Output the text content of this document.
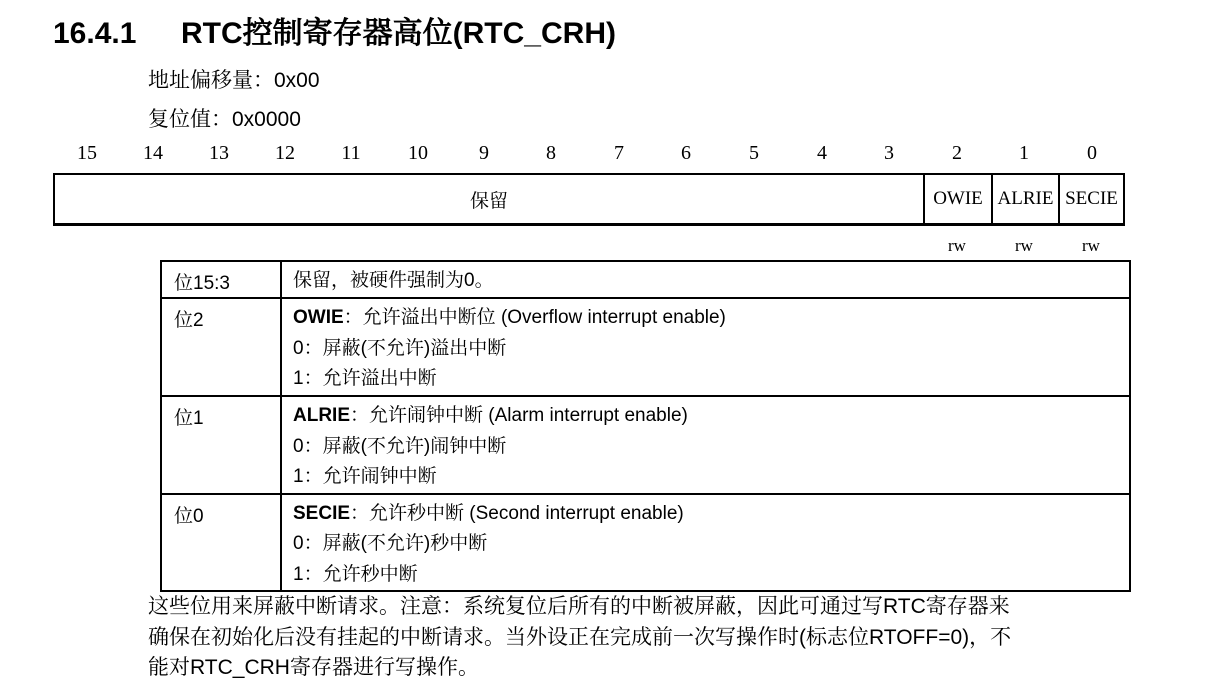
16.4.1 RTC控制寄存器高位(RTC_CRH)
地址偏移量：0x00
复位值：0x0000
15	14	13	12	11	10	9	8	7	6	5	4	3	2	1	0
保留	OWIE ALRIE SECIE
rw	rw	rw
位15:3	保留，被硬件强制为0。

位2	OWIE：允许溢出中断位 (Overflow interrupt enable)
0：屏蔽(不允许)溢出中断
1：允许溢出中断

位1	ALRIE：允许闹钟中断 (Alarm interrupt enable)
0：屏蔽(不允许)闹钟中断
1：允许闹钟中断

位0	SECIE：允许秒中断 (Second interrupt enable)
0：屏蔽(不允许)秒中断
1：允许秒中断
这些位用来屏蔽中断请求。注意：系统复位后所有的中断被屏蔽，因此可通过写RTC寄存器来
确保在初始化后没有挂起的中断请求。当外设正在完成前一次写操作时(标志位RTOFF=0)，不
能对RTC_CRH寄存器进行写操作。
